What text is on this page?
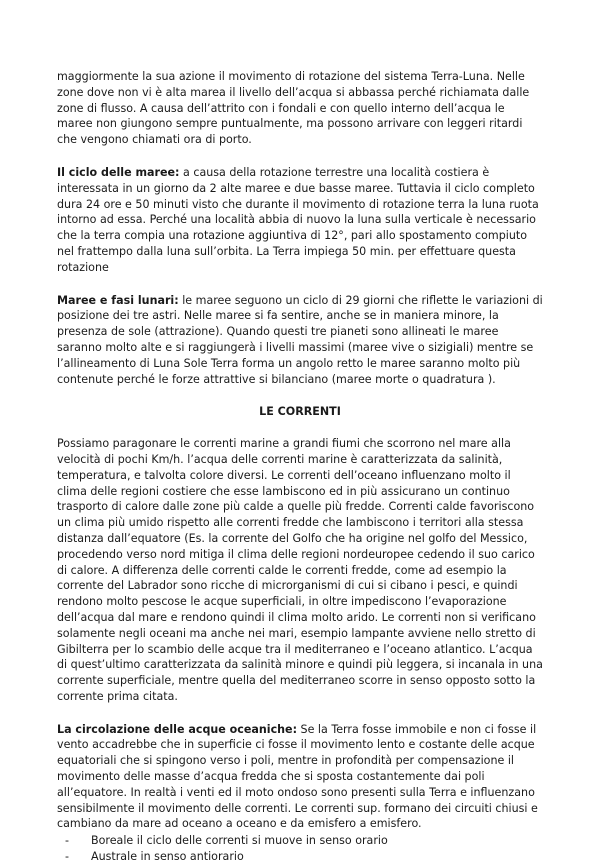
maggiormente la sua azione il movimento di rotazione del sistema Terra-Luna. Nelle zone dove non vi è alta marea il livello dell’acqua si abbassa perché richiamata dalle zone di flusso. A causa dell’attrito con i fondali e con quello interno dell’acqua le maree non giungono sempre puntualmente, ma possono arrivare con leggeri ritardi che vengono chiamati ora di porto.

Il ciclo delle maree: a causa della rotazione terrestre una località costiera è interessata in un giorno da 2 alte maree e due basse maree. Tuttavia il ciclo completo dura 24 ore e 50 minuti visto che durante il movimento di rotazione terra la luna ruota intorno ad essa. Perché una località abbia di nuovo la luna sulla verticale è necessario che la terra compia una rotazione aggiuntiva di 12°, pari allo spostamento compiuto nel frattempo dalla luna sull’orbita. La Terra impiega 50 min. per effettuare questa rotazione

Maree e fasi lunari: le maree seguono un ciclo di 29 giorni che riflette le variazioni di posizione dei tre astri. Nelle maree si fa sentire, anche se in maniera minore, la presenza de sole (attrazione). Quando questi tre pianeti sono allineati le maree saranno molto alte e si raggiungerà i livelli massimi (maree vive o sizigiali) mentre se l’allineamento di Luna Sole Terra forma un angolo retto le maree saranno molto più contenute perché le forze attrattive si bilanciano (maree morte o quadratura ).

LE CORRENTI

Possiamo paragonare le correnti marine a grandi fiumi che scorrono nel mare alla velocità di pochi Km/h. l’acqua delle correnti marine è caratterizzata da salinità, temperatura, e talvolta colore diversi. Le correnti dell’oceano influenzano molto il clima delle regioni costiere che esse lambiscono ed in più assicurano un continuo trasporto di calore dalle zone più calde a quelle più fredde. Correnti calde favoriscono un clima più umido rispetto alle correnti fredde che lambiscono i territori alla stessa distanza dall’equatore (Es. la corrente del Golfo che ha origine nel golfo del Messico, procedendo verso nord mitiga il clima delle regioni nordeuropee cedendo il suo carico di calore. A differenza delle correnti calde le correnti fredde, come ad esempio la corrente del Labrador sono ricche di microrganismi di cui si cibano i pesci, e quindi rendono molto pescose le acque superficiali, in oltre impediscono l’evaporazione dell’acqua dal mare e rendono quindi il clima molto arido. Le correnti non si verificano solamente negli oceani ma anche nei mari, esempio lampante avviene nello stretto di Gibilterra per lo scambio delle acque tra il mediterraneo e l’oceano atlantico. L’acqua di quest’ultimo caratterizzata da salinità minore e quindi più leggera, si incanala in una corrente superficiale, mentre quella del mediterraneo scorre in senso opposto sotto la corrente prima citata.

La circolazione delle acque oceaniche: Se la Terra fosse immobile e non ci fosse il vento accadrebbe che in superficie ci fosse il movimento lento e costante delle acque equatoriali che si spingono verso i poli, mentre in profondità per compensazione il movimento delle masse d’acqua fredda che si sposta costantemente dai poli all’equatore. In realtà i venti ed il moto ondoso sono presenti sulla Terra e influenzano sensibilmente il movimento delle correnti. Le correnti sup. formano dei circuiti chiusi e cambiano da mare ad oceano a oceano e da emisfero a emisfero.

- Boreale il ciclo delle correnti si muove in senso orario
- Australe in senso antiorario
